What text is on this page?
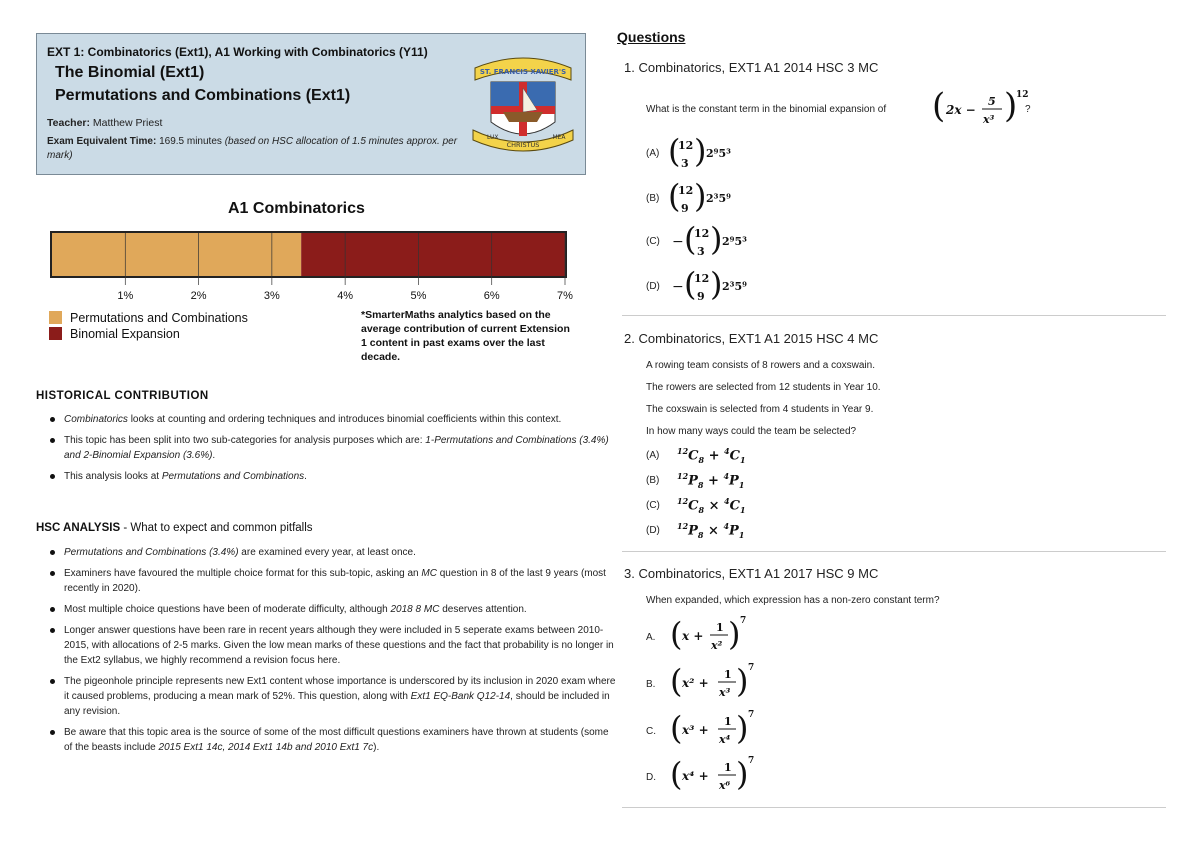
EXT 1: Combinatorics (Ext1), A1 Working with Combinatorics (Y11)
The Binomial (Ext1)
Permutations and Combinations (Ext1)
Teacher: Matthew Priest
Exam Equivalent Time: 169.5 minutes (based on HSC allocation of 1.5 minutes approx. per mark)
ST. FRANCIS XAVIER'S
LUX
CHRISTUS
MEA
A1 Combinatorics
1%	2%	3%	4%	5%	6%	7%
Permutations and Combinations
Binomial Expansion
*SmarterMaths analytics based on the average contribution of current Extension 1 content in past exams over the last decade.
HISTORICAL CONTRIBUTION
Combinatorics looks at counting and ordering techniques and introduces binomial coefficients within this context.
This topic has been split into two sub-categories for analysis purposes which are: 1-Permutations and Combinations (3.4%) and 2-Binomial Expansion (3.6%).
This analysis looks at Permutations and Combinations.
HSC ANALYSIS - What to expect and common pitfalls
Permutations and Combinations (3.4%) are examined every year, at least once.
Examiners have favoured the multiple choice format for this sub-topic, asking an MC question in 8 of the last 9 years (most recently in 2020).
Most multiple choice questions have been of moderate difficulty, although 2018 8 MC deserves attention.
Longer answer questions have been rare in recent years although they were included in 5 seperate exams between 2010-2015, with allocations of 2-5 marks. Given the low mean marks of these questions and the fact that probability is no longer in the Ext2 syllabus, we highly recommend a revision focus here.
The pigeonhole principle represents new Ext1 content whose importance is underscored by its inclusion in 2020 exam where it caused problems, producing a mean mark of 52%. This question, along with Ext1 EQ-Bank Q12-14, should be included in any revision.
Be aware that this topic area is the source of some of the most difficult questions examiners have thrown at students (some of the beasts include 2015 Ext1 14c, 2014 Ext1 14b and 2010 Ext1 7c).
Questions
1. Combinatorics, EXT1 A1 2014 HSC 3 MC
What is the constant term in the binomial expansion of ( 2x −
5
x³ )
12
?
(A) (
12
3 ) 2⁹5³
(B) (
12
9 ) 2³5⁹
(C) − (
12
3 ) 2⁹5³
(D) − (
12
9 ) 2³5⁹
2. Combinatorics, EXT1 A1 2015 HSC 4 MC
A rowing team consists of 8 rowers and a coxswain.
The rowers are selected from 12 students in Year 10.
The coxswain is selected from 4 students in Year 9.
In how many ways could the team be selected?
(A) $^{12}C_8 + ^4C_1$
(B) $^{12}P_8 + ^4P_1$
(C) $^{12}C_8 \times ^4C_1$
(D) $^{12}P_8 \times ^4P_1$
3. Combinatorics, EXT1 A1 2017 HSC 9 MC
When expanded, which expression has a non-zero constant term?
A. ( x +
1
x² ) 7
B. ( x² +
1
x³ ) 7
C. ( x³ +
1
x⁴ ) 7
D. ( x⁴ +
1
x⁶ ) 7
